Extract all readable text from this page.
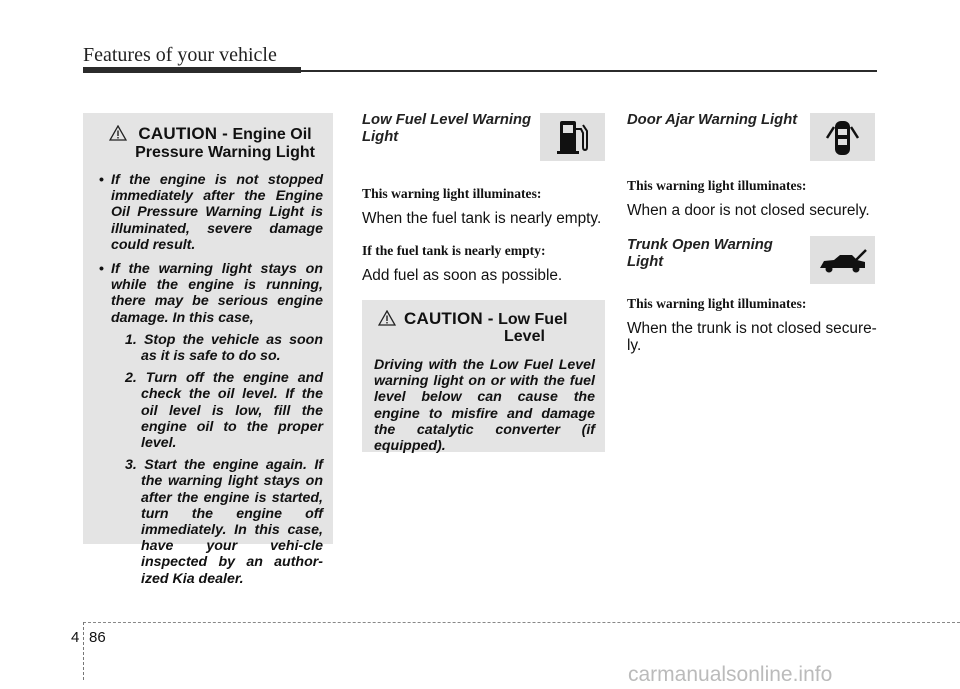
Features of your vehicle
CAUTION - Engine Oil
Pressure Warning Light
• If the engine is not stopped immediately after the Engine Oil Pressure Warning Light is illuminated, severe damage could result.
• If the warning light stays on while the engine is running, there may be serious engine damage. In this case,
1. Stop the vehicle as soon as it is safe to do so.
2. Turn off the engine and check the oil level. If the oil level is low, fill the engine oil to the proper level.
3. Start the engine again. If the warning light stays on after the engine is started, turn the engine off immediately. In this case, have your vehi-cle inspected by an author-ized Kia dealer.
Low Fuel Level Warning Light
This warning light illuminates:
When the fuel tank is nearly empty.
If the fuel tank is nearly empty:
Add fuel as soon as possible.
CAUTION - Low Fuel
Level
Driving with the Low Fuel Level warning light on or with the fuel level below can cause the engine to misfire and damage the catalytic converter (if equipped).
Door Ajar Warning Light
This warning light illuminates:
When a door is not closed securely.
Trunk Open Warning
Light
This warning light illuminates:
When the trunk is not closed secure-ly.
4 86
carmanualsonline.info
